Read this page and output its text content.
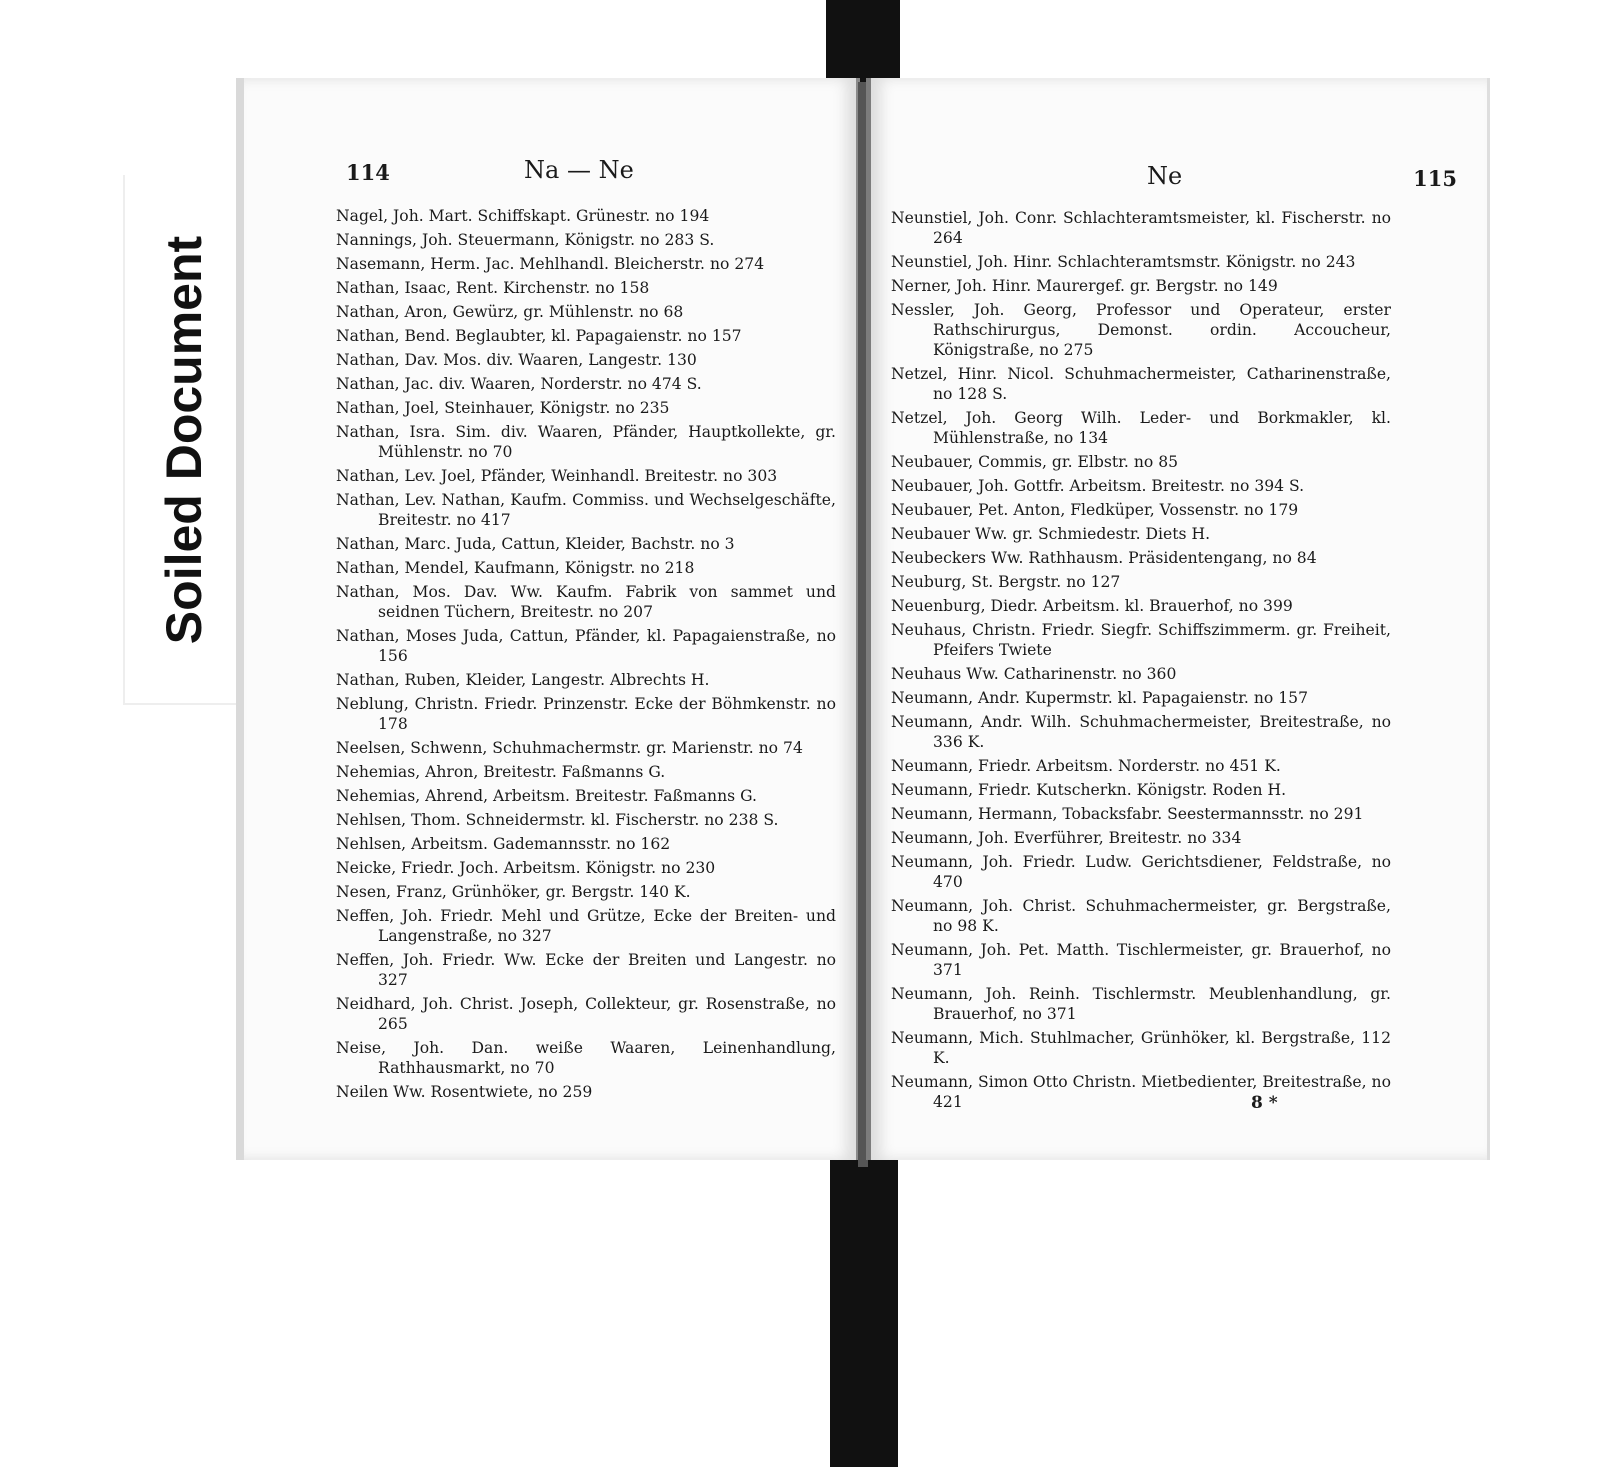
Soiled Document
114	Na — Ne
Nagel, Joh. Mart. Schiffskapt. Grünestr. no 194
Nannings, Joh. Steuermann, Königstr. no 283 S.
Nasemann, Herm. Jac. Mehlhandl. Bleicherstr. no 274
Nathan, Isaac, Rent. Kirchenstr. no 158
Nathan, Aron, Gewürz, gr. Mühlenstr. no 68
Nathan, Bend. Beglaubter, kl. Papagaienstr. no 157
Nathan, Dav. Mos. div. Waaren, Langestr. 130
Nathan, Jac. div. Waaren, Norderstr. no 474 S.
Nathan, Joel, Steinhauer, Königstr. no 235
Nathan, Isra. Sim. div. Waaren, Pfänder, Hauptkollekte, gr. Mühlenstr. no 70
Nathan, Lev. Joel, Pfänder, Weinhandl. Breitestr. no 303
Nathan, Lev. Nathan, Kaufm. Commiss. und Wechselgeschäfte, Breitestr. no 417
Nathan, Marc. Juda, Cattun, Kleider, Bachstr. no 3
Nathan, Mendel, Kaufmann, Königstr. no 218
Nathan, Mos. Dav. Ww. Kaufm. Fabrik von sammet und seidnen Tüchern, Breitestr. no 207
Nathan, Moses Juda, Cattun, Pfänder, kl. Papagaienstraße, no 156
Nathan, Ruben, Kleider, Langestr. Albrechts H.
Neblung, Christn. Friedr. Prinzenstr. Ecke der Böhmkenstr. no 178
Neelsen, Schwenn, Schuhmachermstr. gr. Marienstr. no 74
Nehemias, Ahron, Breitestr. Faßmanns G.
Nehemias, Ahrend, Arbeitsm. Breitestr. Faßmanns G.
Nehlsen, Thom. Schneidermstr. kl. Fischerstr. no 238 S.
Nehlsen, Arbeitsm. Gademannsstr. no 162
Neicke, Friedr. Joch. Arbeitsm. Königstr. no 230
Nesen, Franz, Grünhöker, gr. Bergstr. 140 K.
Neffen, Joh. Friedr. Mehl und Grütze, Ecke der Breiten- und Langenstraße, no 327
Neffen, Joh. Friedr. Ww. Ecke der Breiten und Langestr. no 327
Neidhard, Joh. Christ. Joseph, Collekteur, gr. Rosenstraße, no 265
Neise, Joh. Dan. weiße Waaren, Leinenhandlung, Rathhausmarkt, no 70
Neilen Ww. Rosentwiete, no 259
115
Ne
Neunstiel, Joh. Conr. Schlachteramtsmeister, kl. Fischerstr. no 264
Neunstiel, Joh. Hinr. Schlachteramtsmstr. Königstr. no 243
Nerner, Joh. Hinr. Maurergef. gr. Bergstr. no 149
Nessler, Joh. Georg, Professor und Operateur, erster Rathschirurgus, Demonst. ordin. Accoucheur, Königstraße, no 275
Netzel, Hinr. Nicol. Schuhmachermeister, Catharinenstraße, no 128 S.
Netzel, Joh. Georg Wilh. Leder- und Borkmakler, kl. Mühlenstraße, no 134
Neubauer, Commis, gr. Elbstr. no 85
Neubauer, Joh. Gottfr. Arbeitsm. Breitestr. no 394 S.
Neubauer, Pet. Anton, Fledküper, Vossenstr. no 179
Neubauer Ww. gr. Schmiedestr. Diets H.
Neubeckers Ww. Rathhausm. Präsidentengang, no 84
Neuburg, St. Bergstr. no 127
Neuenburg, Diedr. Arbeitsm. kl. Brauerhof, no 399
Neuhaus, Christn. Friedr. Siegfr. Schiffszimmerm. gr. Freiheit, Pfeifers Twiete
Neuhaus Ww. Catharinenstr. no 360
Neumann, Andr. Kupermstr. kl. Papagaienstr. no 157
Neumann, Andr. Wilh. Schuhmachermeister, Breitestraße, no 336 K.
Neumann, Friedr. Arbeitsm. Norderstr. no 451 K.
Neumann, Friedr. Kutscherkn. Königstr. Roden H.
Neumann, Hermann, Tobacksfabr. Seestermannsstr. no 291
Neumann, Joh. Everführer, Breitestr. no 334
Neumann, Joh. Friedr. Ludw. Gerichtsdiener, Feldstraße, no 470
Neumann, Joh. Christ. Schuhmachermeister, gr. Bergstraße, no 98 K.
Neumann, Joh. Pet. Matth. Tischlermeister, gr. Brauerhof, no 371
Neumann, Joh. Reinh. Tischlermstr. Meublenhandlung, gr. Brauerhof, no 371
Neumann, Mich. Stuhlmacher, Grünhöker, kl. Bergstraße, 112 K.
Neumann, Simon Otto Christn. Mietbedienter, Breitestraße, no 421	8 *
